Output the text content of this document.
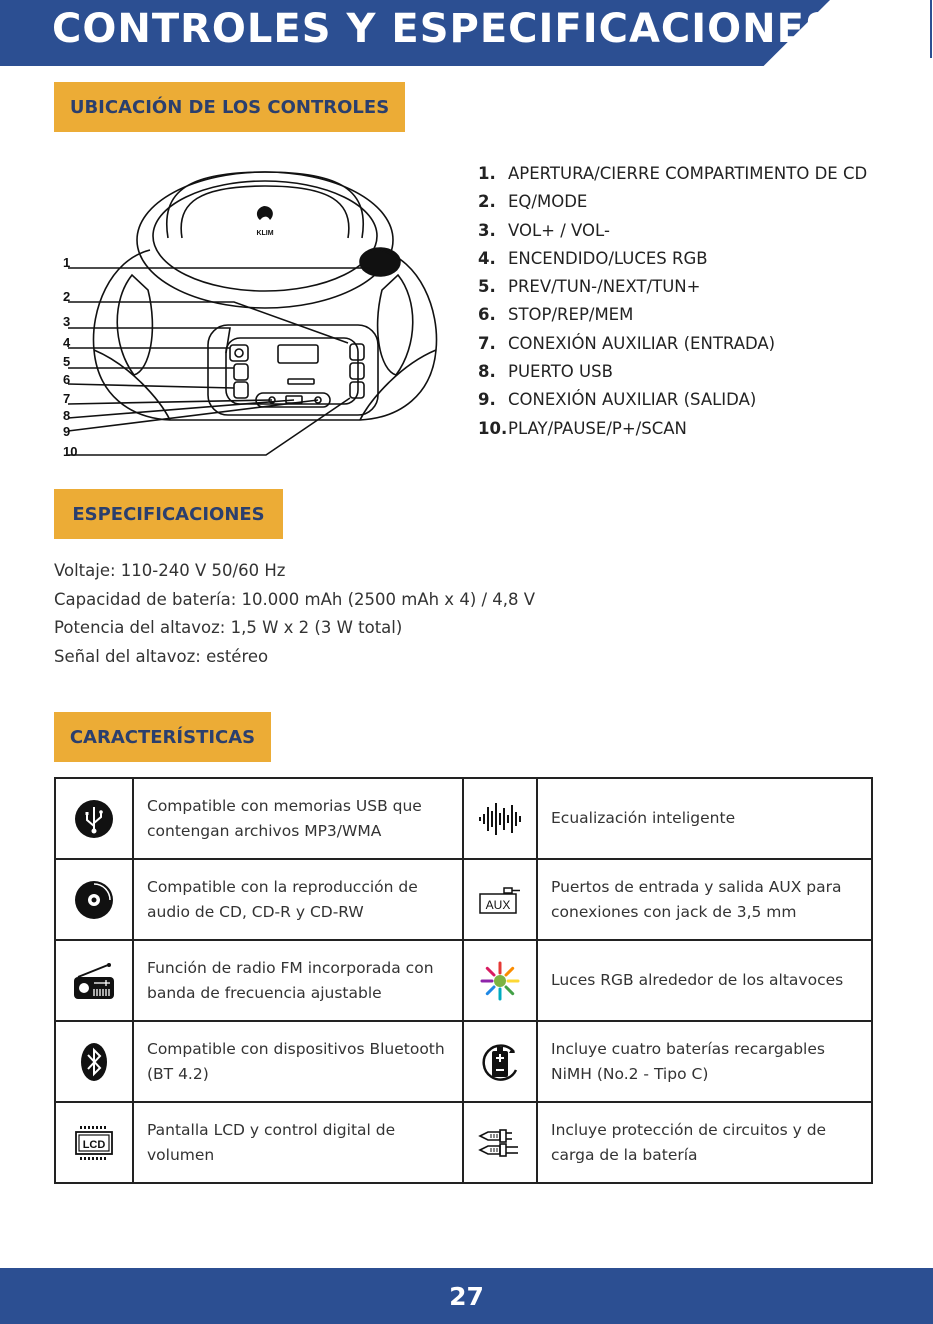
CONTROLES Y ESPECIFICACIONES
UBICACIÓN DE LOS CONTROLES
KLIM
1
2
3
4
5
6
7
8
9
10
1. APERTURA/CIERRE COMPARTIMENTO DE CD
2. EQ/MODE
3. VOL+ / VOL-
4. ENCENDIDO/LUCES RGB
5. PREV/TUN-/NEXT/TUN+
6. STOP/REP/MEM
7. CONEXIÓN AUXILIAR (ENTRADA)
8. PUERTO USB
9. CONEXIÓN AUXILIAR (SALIDA)
10.PLAY/PAUSE/P+/SCAN
ESPECIFICACIONES
Voltaje: 110-240 V 50/60 Hz
Capacidad de batería: 10.000 mAh (2500 mAh x 4) / 4,8 V
Potencia del altavoz: 1,5 W x 2 (3 W total)
Señal del altavoz: estéreo
CARACTERÍSTICAS
	Compatible con memorias USB que contengan archivos MP3/WMA		Ecualización inteligente

	Compatible con la reproducción de audio de CD, CD-R y CD-RW	AUX	Puertos de entrada y salida AUX para conexiones con jack de 3,5 mm

	Función de radio FM incorporada con banda de frecuencia ajustable		Luces RGB alrededor de los altavoces

	Compatible con dispositivos Bluetooth (BT 4.2)		Incluye cuatro baterías recargables NiMH (No.2 - Tipo C)

LCD	Pantalla LCD y control digital de volumen		Incluye protección de circuitos y de carga de la batería
27
